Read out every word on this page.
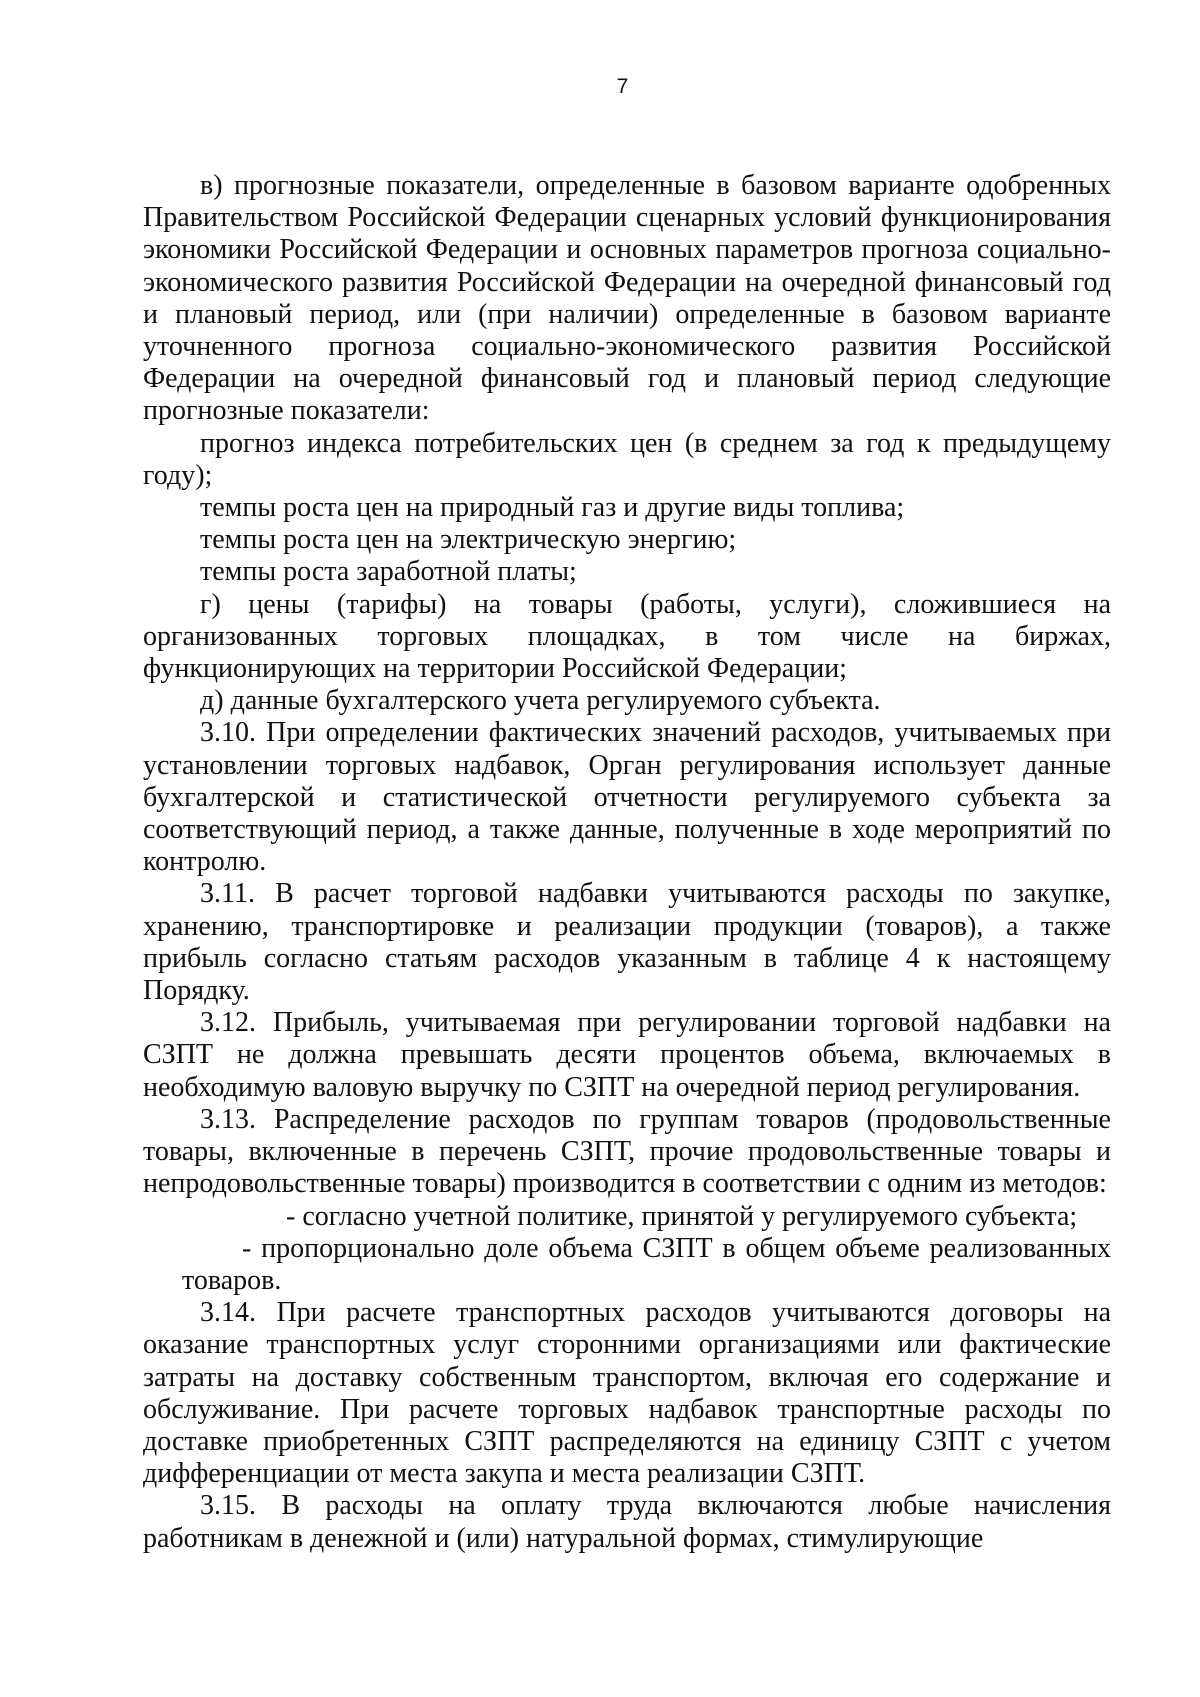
7

в) прогнозные показатели, определенные в базовом варианте одобренных Правительством Российской Федерации сценарных условий функционирования экономики Российской Федерации и основных параметров прогноза социально-экономического развития Российской Федерации на очередной финансовый год и плановый период, или (при наличии) определенные в базовом варианте уточненного прогноза социально-экономического развития Российской Федерации на очередной финансовый год и плановый период следующие прогнозные показатели:

прогноз индекса потребительских цен (в среднем за год к предыдущему году);

темпы роста цен на природный газ и другие виды топлива;

темпы роста цен на электрическую энергию;

темпы роста заработной платы;

г) цены (тарифы) на товары (работы, услуги), сложившиеся на организованных торговых площадках, в том числе на биржах, функционирующих на территории Российской Федерации;

д) данные бухгалтерского учета регулируемого субъекта.

3.10. При определении фактических значений расходов, учитываемых при установлении торговых надбавок, Орган регулирования использует данные бухгалтерской и статистической отчетности регулируемого субъекта за соответствующий период, а также данные, полученные в ходе мероприятий по контролю.

3.11. В расчет торговой надбавки учитываются расходы по закупке, хранению, транспортировке и реализации продукции (товаров), а также прибыль согласно статьям расходов указанным в таблице 4 к настоящему Порядку.

3.12. Прибыль, учитываемая при регулировании торговой надбавки на СЗПТ не должна превышать десяти процентов объема, включаемых в необходимую валовую выручку по СЗПТ на очередной период регулирования.

3.13. Распределение расходов по группам товаров (продовольственные товары, включенные в перечень СЗПТ, прочие продовольственные товары и непродовольственные товары) производится в соответствии с одним из методов:

- согласно учетной политике, принятой у регулируемого субъекта;

- пропорционально доле объема СЗПТ в общем объеме реализованных товаров.

3.14. При расчете транспортных расходов учитываются договоры на оказание транспортных услуг сторонними организациями или фактические затраты на доставку собственным транспортом, включая его содержание и обслуживание. При расчете торговых надбавок транспортные расходы по доставке приобретенных СЗПТ распределяются на единицу СЗПТ с учетом дифференциации от места закупа и места реализации СЗПТ.

3.15. В расходы на оплату труда включаются любые начисления работникам в денежной и (или) натуральной формах, стимулирующие
